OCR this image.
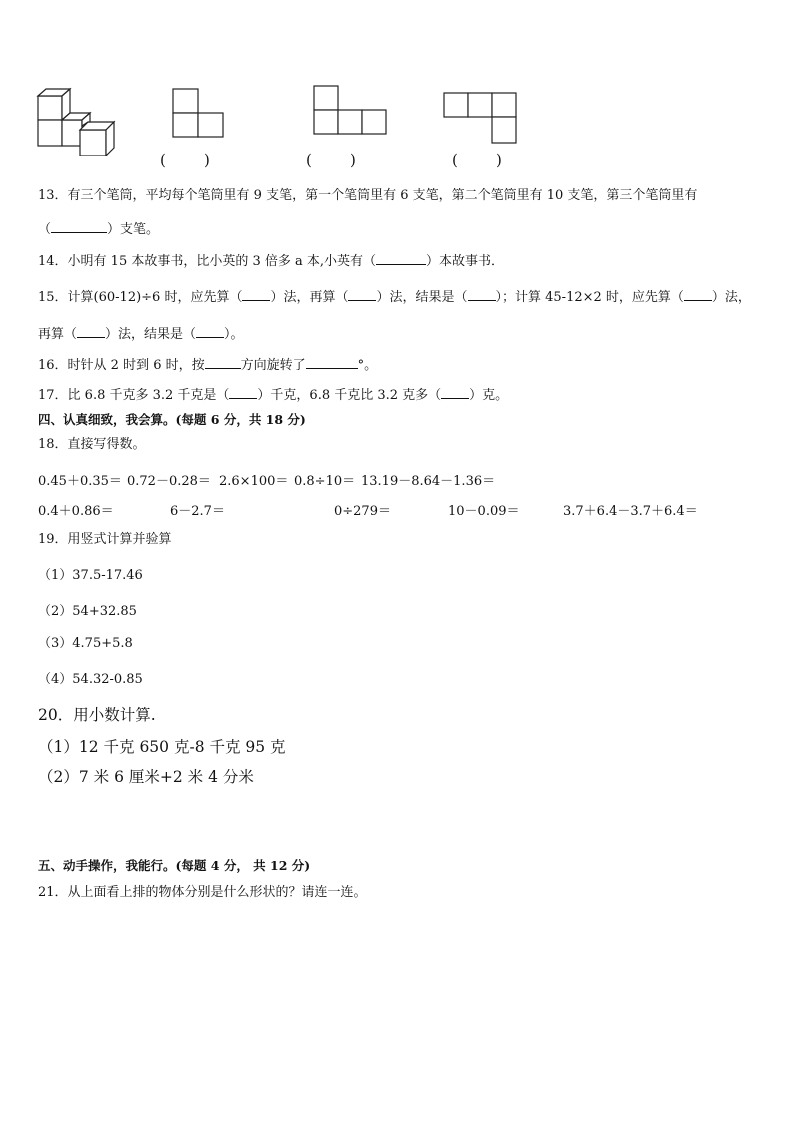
(        )	(        )	(        )
13．有三个笔筒，平均每个笔筒里有 9 支笔，第一个笔筒里有 6 支笔，第二个笔筒里有 10 支笔，第三个笔筒里有
（	）支笔。
14．小明有 15 本故事书，比小英的 3 倍多 a 本,小英有（	）本故事书．
15．计算(60-12)÷6 时，应先算（ ）法，再算（ ）法，结果是（ ）；计算 45-12×2 时，应先算（ ）法，
再算（ ）法，结果是（ ）。
16．时针从 2 时到 6 时，按	方向旋转了	°。
17．比 6.8 千克多 3.2 千克是（ ）千克，6.8 千克比 3.2 克多（ ）克。
四、认真细致，我会算。(每题 6 分，共 18 分)
18．直接写得数。
0.45＋0.35＝ 0.72－0.28＝ 2.6×100＝ 0.8÷10＝ 13.19－8.64－1.36＝
0.4＋0.86＝	6－2.7＝	0÷279＝	10－0.09＝	3.7＋6.4－3.7＋6.4＝
19．用竖式计算并验算
（1）37.5-17.46
（2）54+32.85
（3）4.75+5.8
（4）54.32-0.85
20．用小数计算.
（1）12 千克 650 克-8 千克 95 克
（2）7 米 6 厘米+2 米 4 分米
五、动手操作，我能行。(每题 4 分， 共 12 分)
21．从上面看上排的物体分别是什么形状的？请连一连。
